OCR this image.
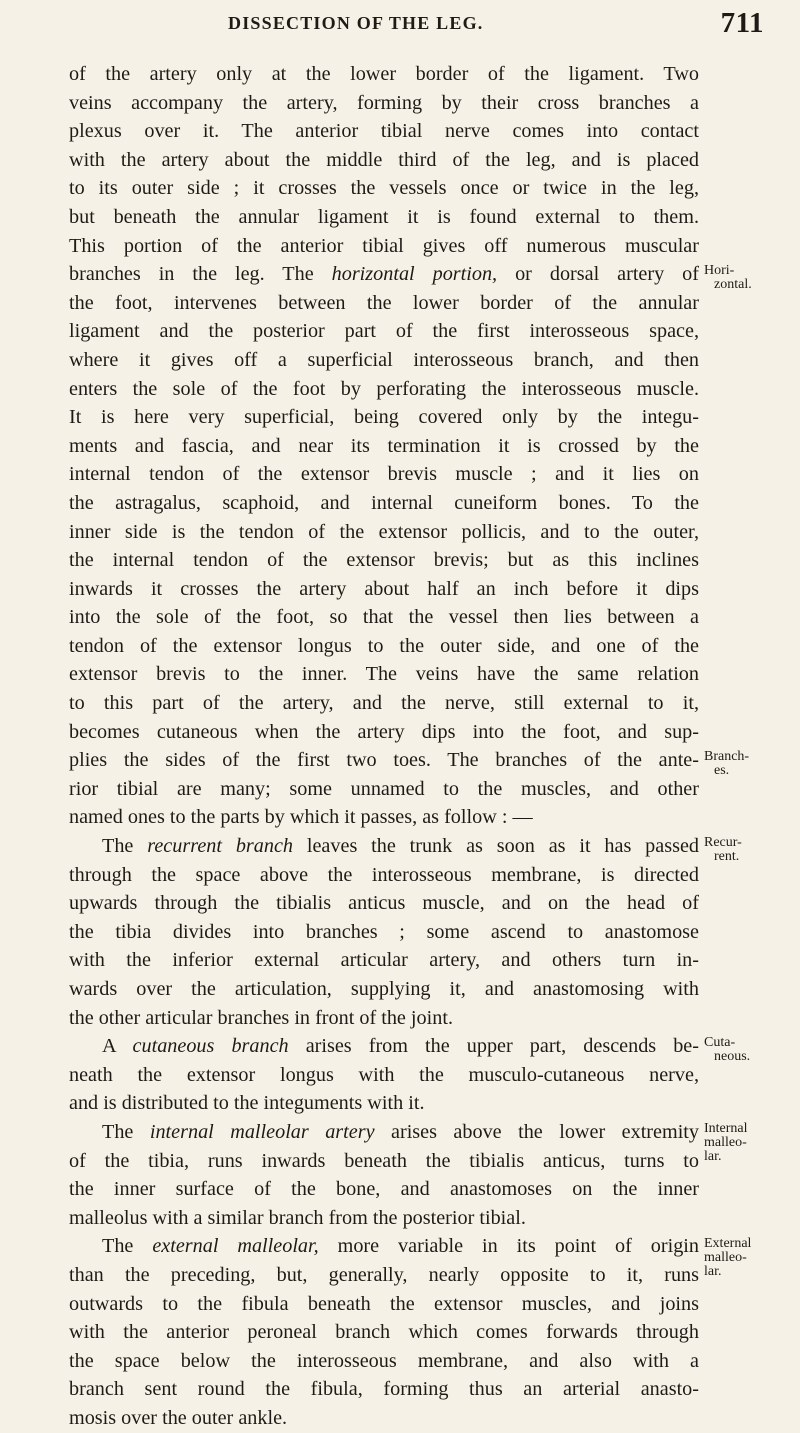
DISSECTION OF THE LEG.	711
of the artery only at the lower border of the ligament. Two
veins accompany the artery, forming by their cross branches a
plexus over it. The anterior tibial nerve comes into contact
with the artery about the middle third of the leg, and is placed
to its outer side ; it crosses the vessels once or twice in the leg,
but beneath the annular ligament it is found external to them.
This portion of the anterior tibial gives off numerous muscular
branches in the leg. The horizontal portion, or dorsal artery of
the foot, intervenes between the lower border of the annular
ligament and the posterior part of the first interosseous space,
where it gives off a superficial interosseous branch, and then
enters the sole of the foot by perforating the interosseous muscle.
It is here very superficial, being covered only by the integu-
ments and fascia, and near its termination it is crossed by the
internal tendon of the extensor brevis muscle ; and it lies on
the astragalus, scaphoid, and internal cuneiform bones. To the
inner side is the tendon of the extensor pollicis, and to the outer,
the internal tendon of the extensor brevis; but as this inclines
inwards it crosses the artery about half an inch before it dips
into the sole of the foot, so that the vessel then lies between a
tendon of the extensor longus to the outer side, and one of the
extensor brevis to the inner. The veins have the same relation
to this part of the artery, and the nerve, still external to it,
becomes cutaneous when the artery dips into the foot, and sup-
plies the sides of the first two toes. The branches of the ante-
rior tibial are many; some unnamed to the muscles, and other
named ones to the parts by which it passes, as follow : —
The recurrent branch leaves the trunk as soon as it has passed
through the space above the interosseous membrane, is directed
upwards through the tibialis anticus muscle, and on the head of
the tibia divides into branches ; some ascend to anastomose
with the inferior external articular artery, and others turn in-
wards over the articulation, supplying it, and anastomosing with
the other articular branches in front of the joint.
A cutaneous branch arises from the upper part, descends be-
neath the extensor longus with the musculo-cutaneous nerve,
and is distributed to the integuments with it.
The internal malleolar artery arises above the lower extremity
of the tibia, runs inwards beneath the tibialis anticus, turns to
the inner surface of the bone, and anastomoses on the inner
malleolus with a similar branch from the posterior tibial.
The external malleolar, more variable in its point of origin
than the preceding, but, generally, nearly opposite to it, runs
outwards to the fibula beneath the extensor muscles, and joins
with the anterior peroneal branch which comes forwards through
the space below the interosseous membrane, and also with a
branch sent round the fibula, forming thus an arterial anasto-
mosis over the outer ankle.
Hori-
zontal.
Branch-
es.
Recur-
rent.
Cuta-
neous.
Internal
malleo-
lar.
External
malleo-
lar.
